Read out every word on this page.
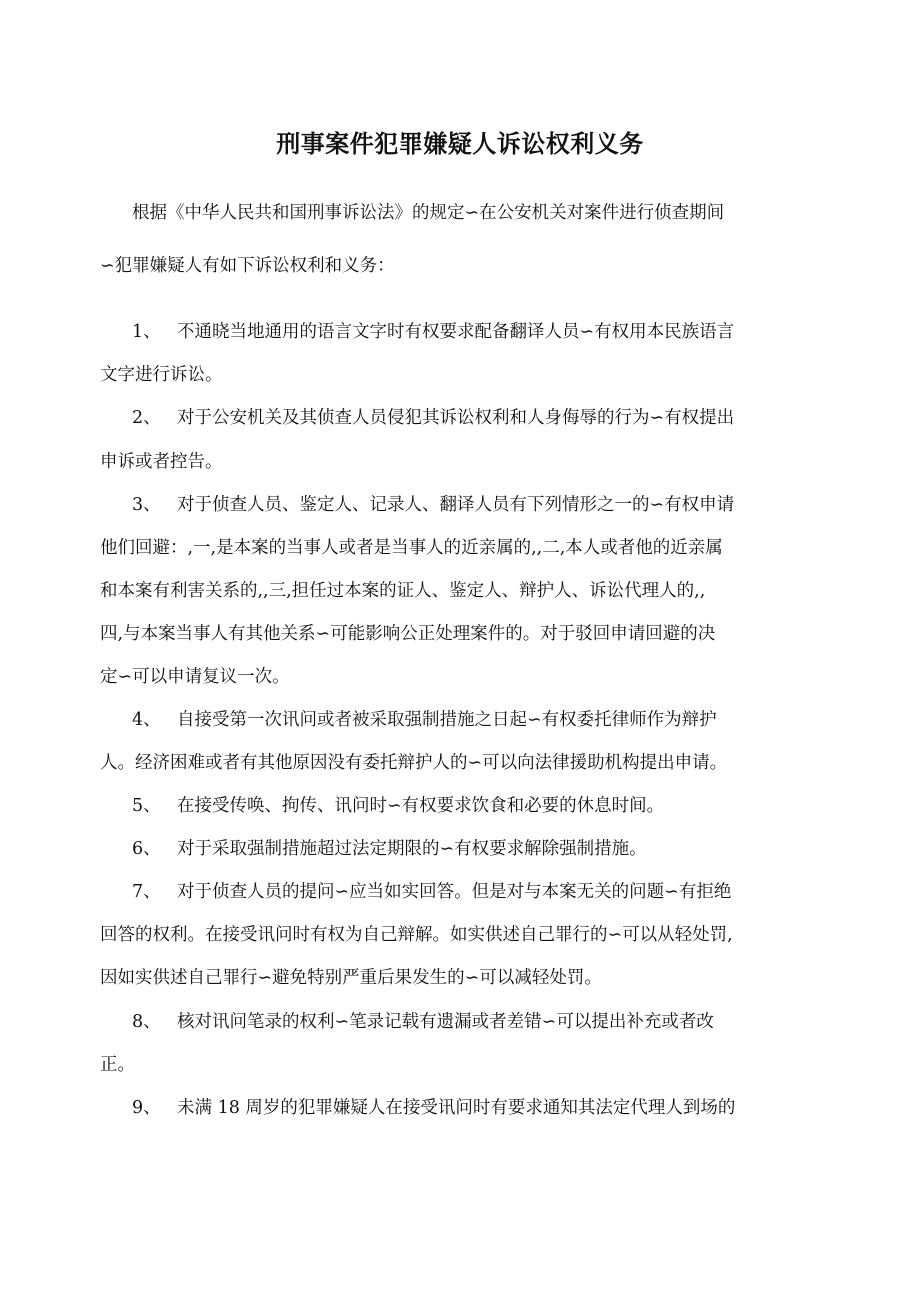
刑事案件犯罪嫌疑人诉讼权利义务
根据《中华人民共和国刑事诉讼法》的规定∽在公安机关对案件进行侦查期间
∽犯罪嫌疑人有如下诉讼权利和义务：
1、 不通晓当地通用的语言文字时有权要求配备翻译人员∽有权用本民族语言
文字进行诉讼。
2、 对于公安机关及其侦查人员侵犯其诉讼权利和人身侮辱的行为∽有权提出
申诉或者控告。
3、 对于侦查人员、鉴定人、记录人、翻译人员有下列情形之一的∽有权申请
他们回避：,一,是本案的当事人或者是当事人的近亲属的,,二,本人或者他的近亲属
和本案有利害关系的,,三,担任过本案的证人、鉴定人、辩护人、诉讼代理人的,,
四,与本案当事人有其他关系∽可能影响公正处理案件的。对于驳回申请回避的决
定∽可以申请复议一次。
4、 自接受第一次讯问或者被采取强制措施之日起∽有权委托律师作为辩护
人。经济困难或者有其他原因没有委托辩护人的∽可以向法律援助机构提出申请。
5、 在接受传唤、拘传、讯问时∽有权要求饮食和必要的休息时间。
6、 对于采取强制措施超过法定期限的∽有权要求解除强制措施。
7、 对于侦查人员的提问∽应当如实回答。但是对与本案无关的问题∽有拒绝
回答的权利。在接受讯问时有权为自己辩解。如实供述自己罪行的∽可以从轻处罚,
因如实供述自己罪行∽避免特别严重后果发生的∽可以减轻处罚。
8、 核对讯问笔录的权利∽笔录记载有遗漏或者差错∽可以提出补充或者改
正。
9、 未满 18 周岁的犯罪嫌疑人在接受讯问时有要求通知其法定代理人到场的
